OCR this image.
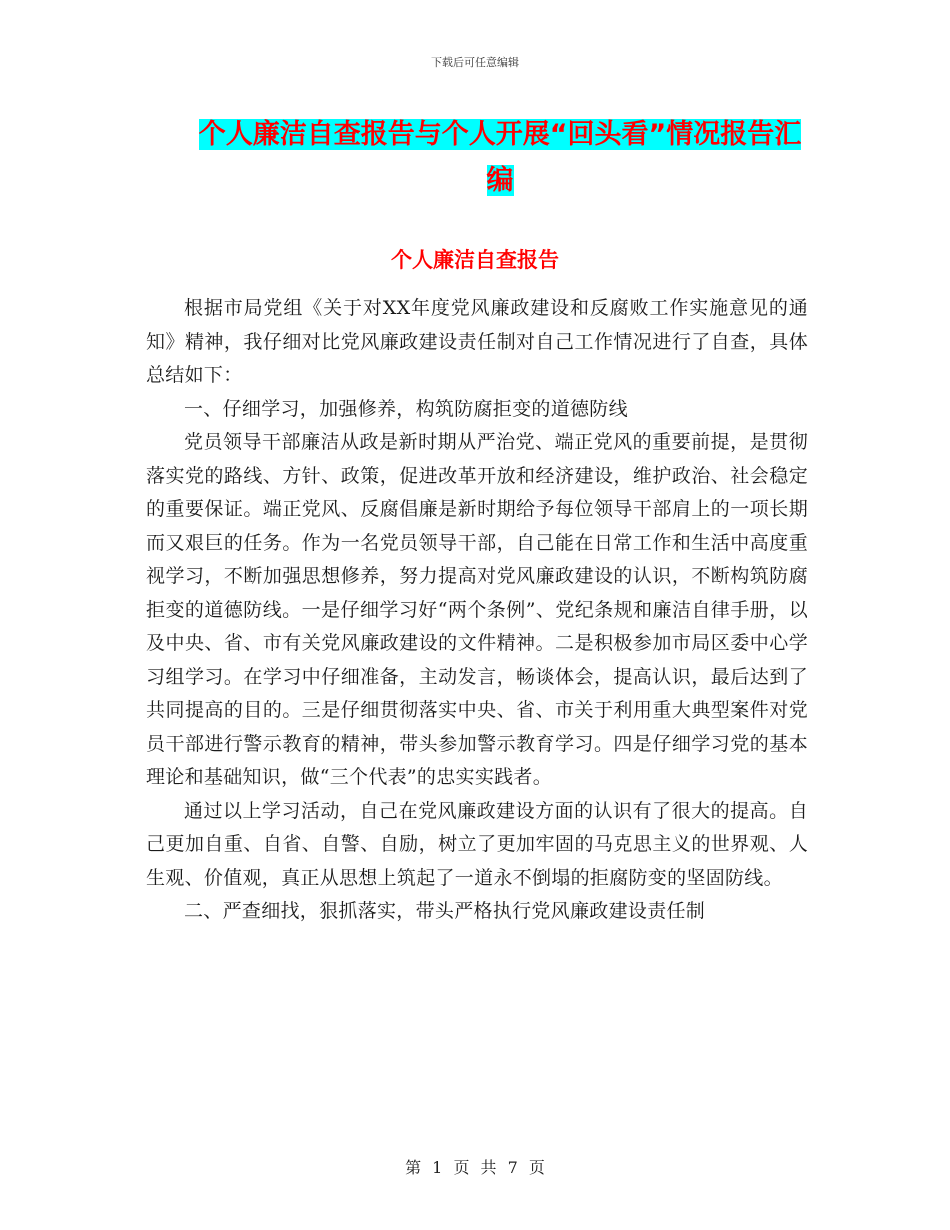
下载后可任意编辑
个人廉洁自查报告与个人开展“回头看”情况报告汇
编
个人廉洁自查报告

根据市局党组《关于对XX年度党风廉政建设和反腐败工作实施意见的通知》精神，我仔细对比党风廉政建设责任制对自己工作情况进行了自查，具体总结如下：

一、仔细学习，加强修养，构筑防腐拒变的道德防线

党员领导干部廉洁从政是新时期从严治党、端正党风的重要前提，是贯彻落实党的路线、方针、政策，促进改革开放和经济建设，维护政治、社会稳定的重要保证。端正党风、反腐倡廉是新时期给予每位领导干部肩上的一项长期而又艰巨的任务。作为一名党员领导干部，自己能在日常工作和生活中高度重视学习，不断加强思想修养，努力提高对党风廉政建设的认识，不断构筑防腐拒变的道德防线。一是仔细学习好“两个条例”、党纪条规和廉洁自律手册，以及中央、省、市有关党风廉政建设的文件精神。二是积极参加市局区委中心学习组学习。在学习中仔细准备，主动发言，畅谈体会，提高认识，最后达到了共同提高的目的。三是仔细贯彻落实中央、省、市关于利用重大典型案件对党员干部进行警示教育的精神，带头参加警示教育学习。四是仔细学习党的基本理论和基础知识，做“三个代表”的忠实实践者。

通过以上学习活动，自己在党风廉政建设方面的认识有了很大的提高。自己更加自重、自省、自警、自励，树立了更加牢固的马克思主义的世界观、人生观、价值观，真正从思想上筑起了一道永不倒塌的拒腐防变的坚固防线。

二、严查细找，狠抓落实，带头严格执行党风廉政建设责任制

第 1 页 共 7 页
